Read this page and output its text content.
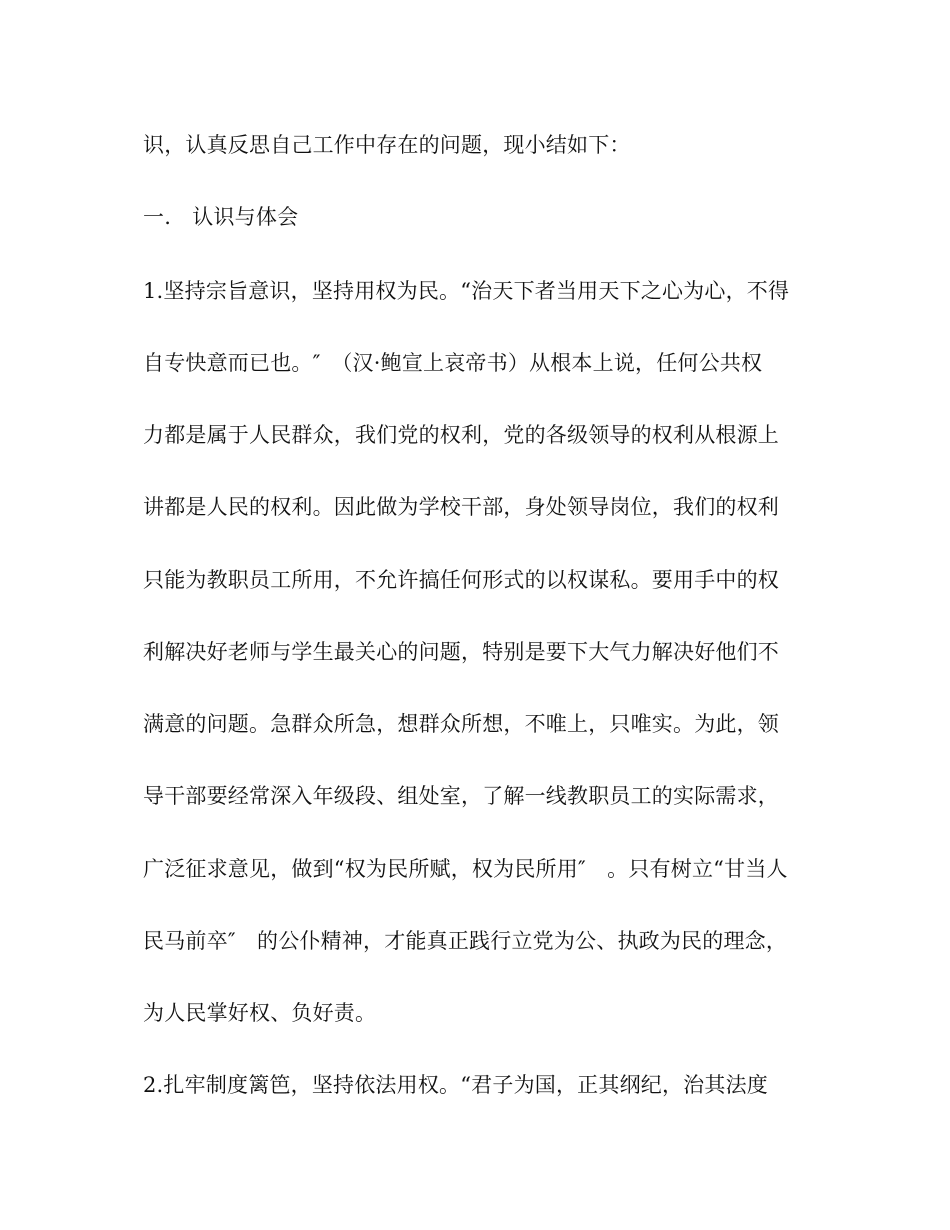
识，认真反思自己工作中存在的问题，现小结如下：
一.　认识与体会
1.坚持宗旨意识，坚持用权为民。“治天下者当用天下之心为心，不得
自专快意而已也。″　（汉·鲍宣上哀帝书）从根本上说，任何公共权
力都是属于人民群众，我们党的权利，党的各级领导的权利从根源上
讲都是人民的权利。因此做为学校干部，身处领导岗位，我们的权利
只能为教职员工所用，不允许搞任何形式的以权谋私。要用手中的权
利解决好老师与学生最关心的问题，特别是要下大气力解决好他们不
满意的问题。急群众所急，想群众所想，不唯上，只唯实。为此，领
导干部要经常深入年级段、组处室，了解一线教职员工的实际需求，
广泛征求意见，做到“权为民所赋，权为民所用″　。只有树立“甘当人
民马前卒″　的公仆精神，才能真正践行立党为公、执政为民的理念，
为人民掌好权、负好责。
2.扎牢制度篱笆，坚持依法用权。“君子为国，正其纲纪，治其法度
